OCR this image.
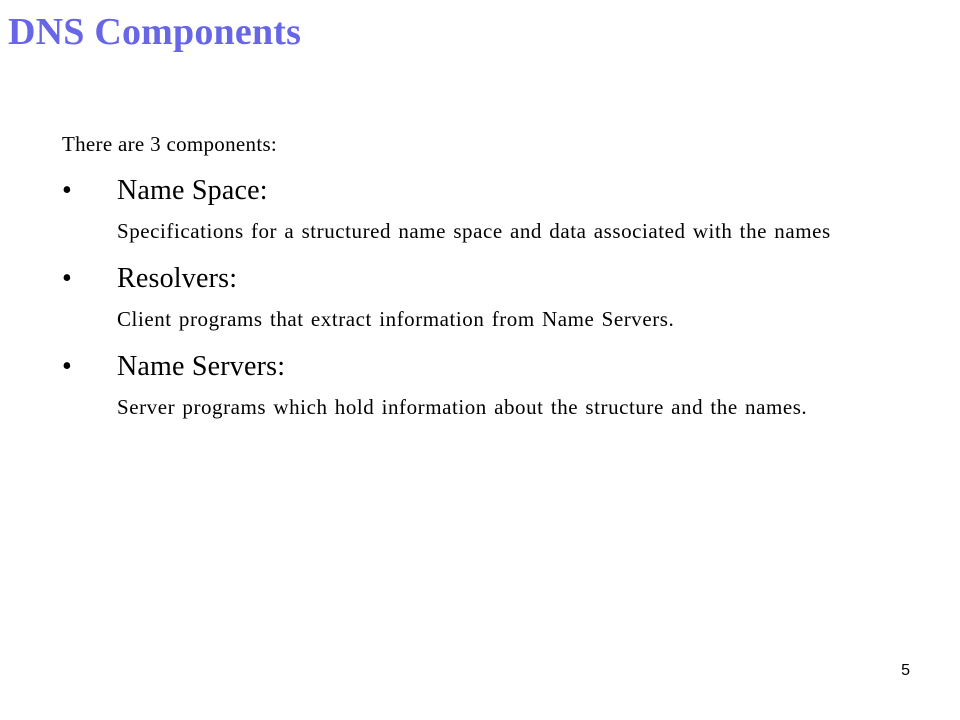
DNS Components

There are 3 components:

• Name Space:

Specifications for a structured name space and data associated with the names

• Resolvers:

Client programs that extract information from Name Servers.

• Name Servers:

Server programs which hold information about the structure and the names.

5
